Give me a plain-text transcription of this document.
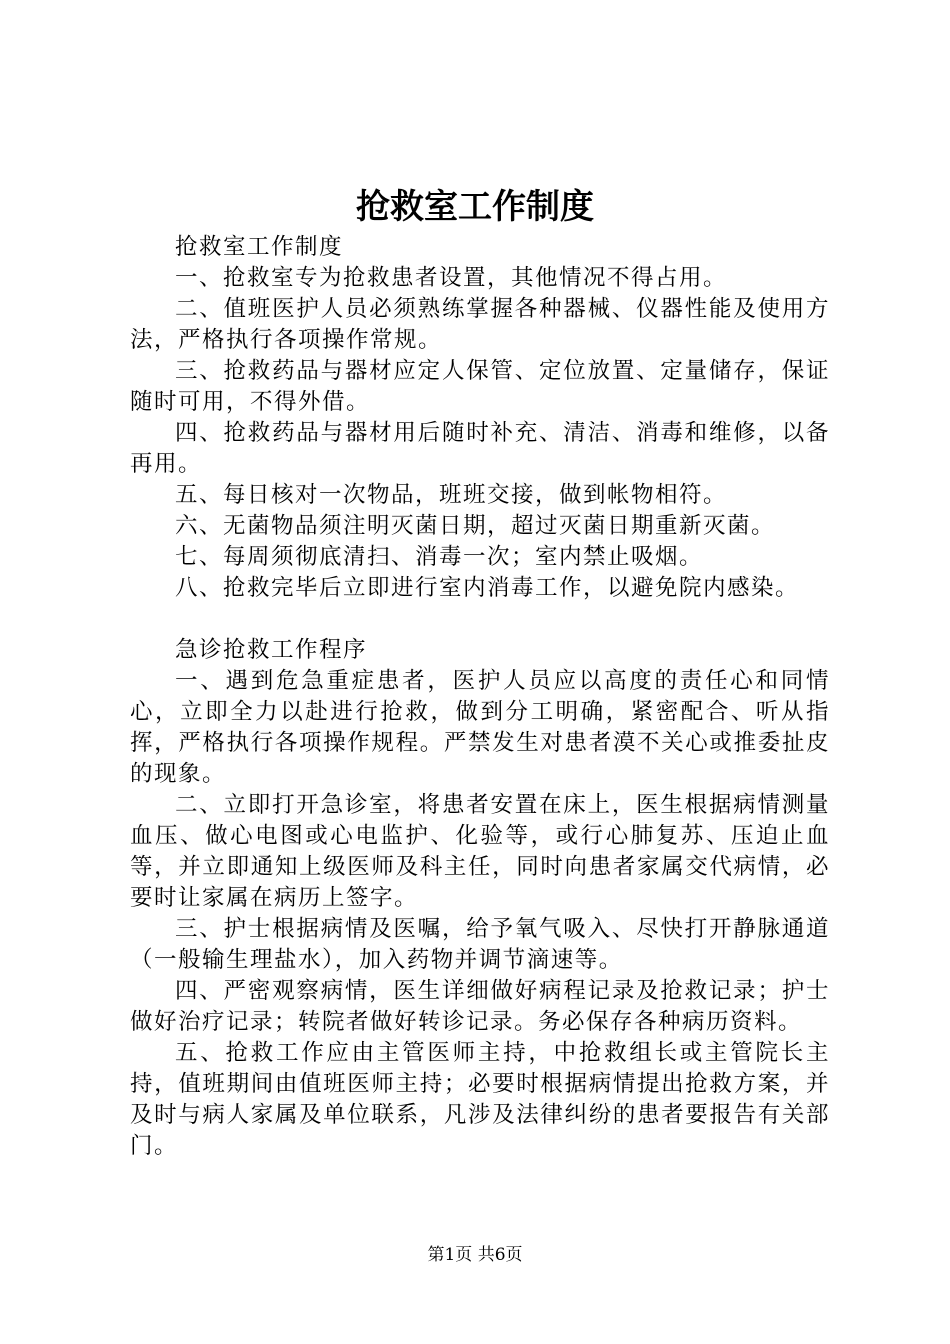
抢救室工作制度

抢救室工作制度

一、抢救室专为抢救患者设置，其他情况不得占用。

二、值班医护人员必须熟练掌握各种器械、仪器性能及使用方法，严格执行各项操作常规。

三、抢救药品与器材应定人保管、定位放置、定量储存，保证随时可用，不得外借。

四、抢救药品与器材用后随时补充、清洁、消毒和维修，以备再用。

五、每日核对一次物品，班班交接，做到帐物相符。

六、无菌物品须注明灭菌日期，超过灭菌日期重新灭菌。

七、每周须彻底清扫、消毒一次；室内禁止吸烟。

八、抢救完毕后立即进行室内消毒工作，以避免院内感染。

急诊抢救工作程序

一、遇到危急重症患者，医护人员应以高度的责任心和同情心，立即全力以赴进行抢救，做到分工明确，紧密配合、听从指挥，严格执行各项操作规程。严禁发生对患者漠不关心或推委扯皮的现象。

二、立即打开急诊室，将患者安置在床上，医生根据病情测量血压、做心电图或心电监护、化验等，或行心肺复苏、压迫止血等，并立即通知上级医师及科主任，同时向患者家属交代病情，必要时让家属在病历上签字。

三、护士根据病情及医嘱，给予氧气吸入、尽快打开静脉通道（一般输生理盐水），加入药物并调节滴速等。

四、严密观察病情，医生详细做好病程记录及抢救记录；护士做好治疗记录；转院者做好转诊记录。务必保存各种病历资料。

五、抢救工作应由主管医师主持，中抢救组长或主管院长主持，值班期间由值班医师主持；必要时根据病情提出抢救方案，并及时与病人家属及单位联系，凡涉及法律纠纷的患者要报告有关部门。

第1页 共6页
